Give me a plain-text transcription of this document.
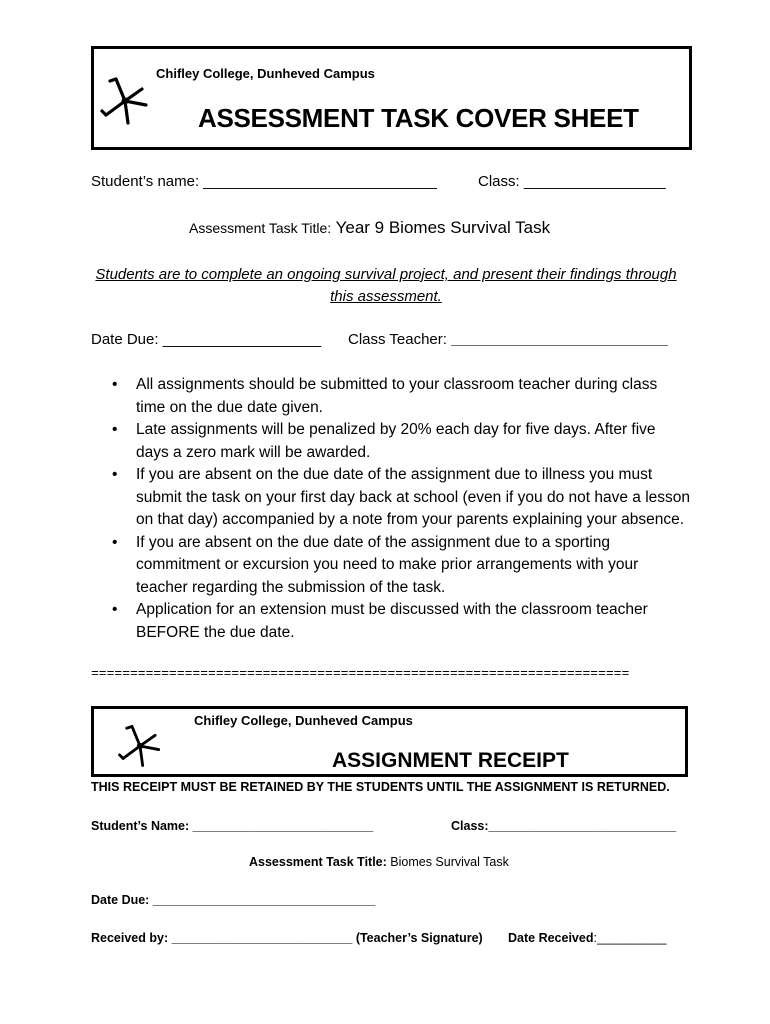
Chifley College, Dunheved Campus
ASSESSMENT TASK COVER SHEET
Student’s name: ____________________________	Class: _________________
Assessment Task Title: Year 9 Biomes Survival Task
Students are to complete an ongoing survival project, and present their findings through this assessment.
Date Due: ___________________ Class Teacher: __________________________
• All assignments should be submitted to your classroom teacher during class time on the due date given.
• Late assignments will be penalized by 20% each day for five days. After five days a zero mark will be awarded.
• If you are absent on the due date of the assignment due to illness you must submit the task on your first day back at school (even if you do not have a lesson on that day) accompanied by a note from your parents explaining your absence.
• If you are absent on the due date of the assignment due to a sporting commitment or excursion you need to make prior arrangements with your teacher regarding the submission of the task.
• Application for an extension must be discussed with the classroom teacher BEFORE the due date.
=====================================================================
Chifley College, Dunheved Campus
ASSIGNMENT RECEIPT
THIS RECEIPT MUST BE RETAINED BY THE STUDENTS UNTIL THE ASSIGNMENT IS RETURNED.
Student’s Name: __________________________	Class:___________________________
Assessment Task Title: Biomes Survival Task
Date Due: ________________________________
Received by: __________________________ (Teacher’s Signature) Date Received:__________
